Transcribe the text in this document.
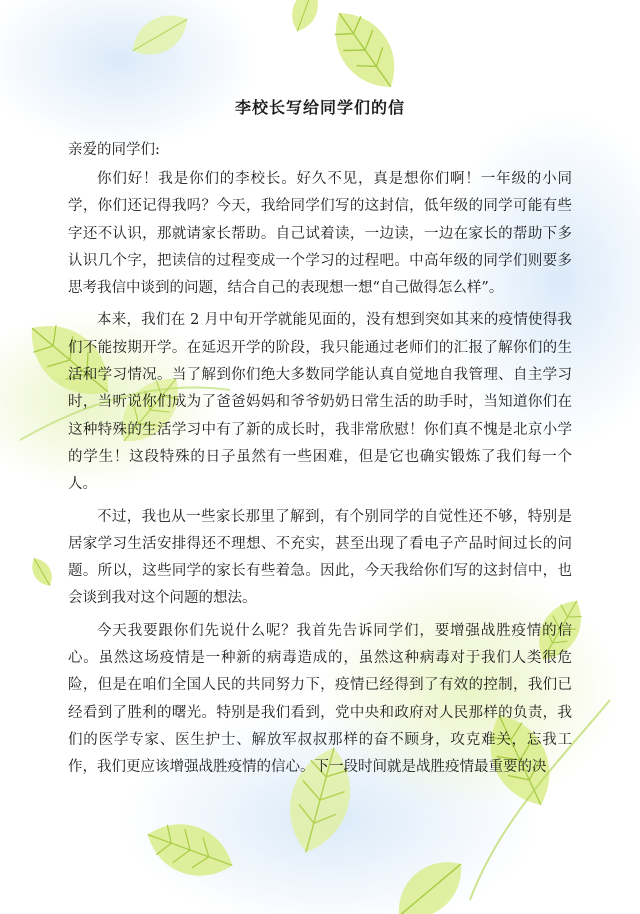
李校长写给同学们的信
亲爱的同学们:

你们好！我是你们的李校长。好久不见，真是想你们啊！一年级的小同学，你们还记得我吗？今天，我给同学们写的这封信，低年级的同学可能有些字还不认识，那就请家长帮助。自己试着读，一边读，一边在家长的帮助下多认识几个字，把读信的过程变成一个学习的过程吧。中高年级的同学们则要多思考我信中谈到的问题，结合自己的表现想一想“自己做得怎么样”。

本来，我们在 2 月中旬开学就能见面的，没有想到突如其来的疫情使得我们不能按期开学。在延迟开学的阶段，我只能通过老师们的汇报了解你们的生活和学习情况。当了解到你们绝大多数同学能认真自觉地自我管理、自主学习时，当听说你们成为了爸爸妈妈和爷爷奶奶日常生活的助手时，当知道你们在这种特殊的生活学习中有了新的成长时，我非常欣慰！你们真不愧是北京小学的学生！这段特殊的日子虽然有一些困难，但是它也确实锻炼了我们每一个人。

不过，我也从一些家长那里了解到，有个别同学的自觉性还不够，特别是居家学习生活安排得还不理想、不充实，甚至出现了看电子产品时间过长的问题。所以，这些同学的家长有些着急。因此，今天我给你们写的这封信中，也会谈到我对这个问题的想法。

今天我要跟你们先说什么呢？我首先告诉同学们，要增强战胜疫情的信心。虽然这场疫情是一种新的病毒造成的，虽然这种病毒对于我们人类很危险，但是在咱们全国人民的共同努力下，疫情已经得到了有效的控制，我们已经看到了胜利的曙光。特别是我们看到，党中央和政府对人民那样的负责，我们的医学专家、医生护士、解放军叔叔那样的奋不顾身，攻克难关，忘我工作，我们更应该增强战胜疫情的信心。下一段时间就是战胜疫情最重要的决
